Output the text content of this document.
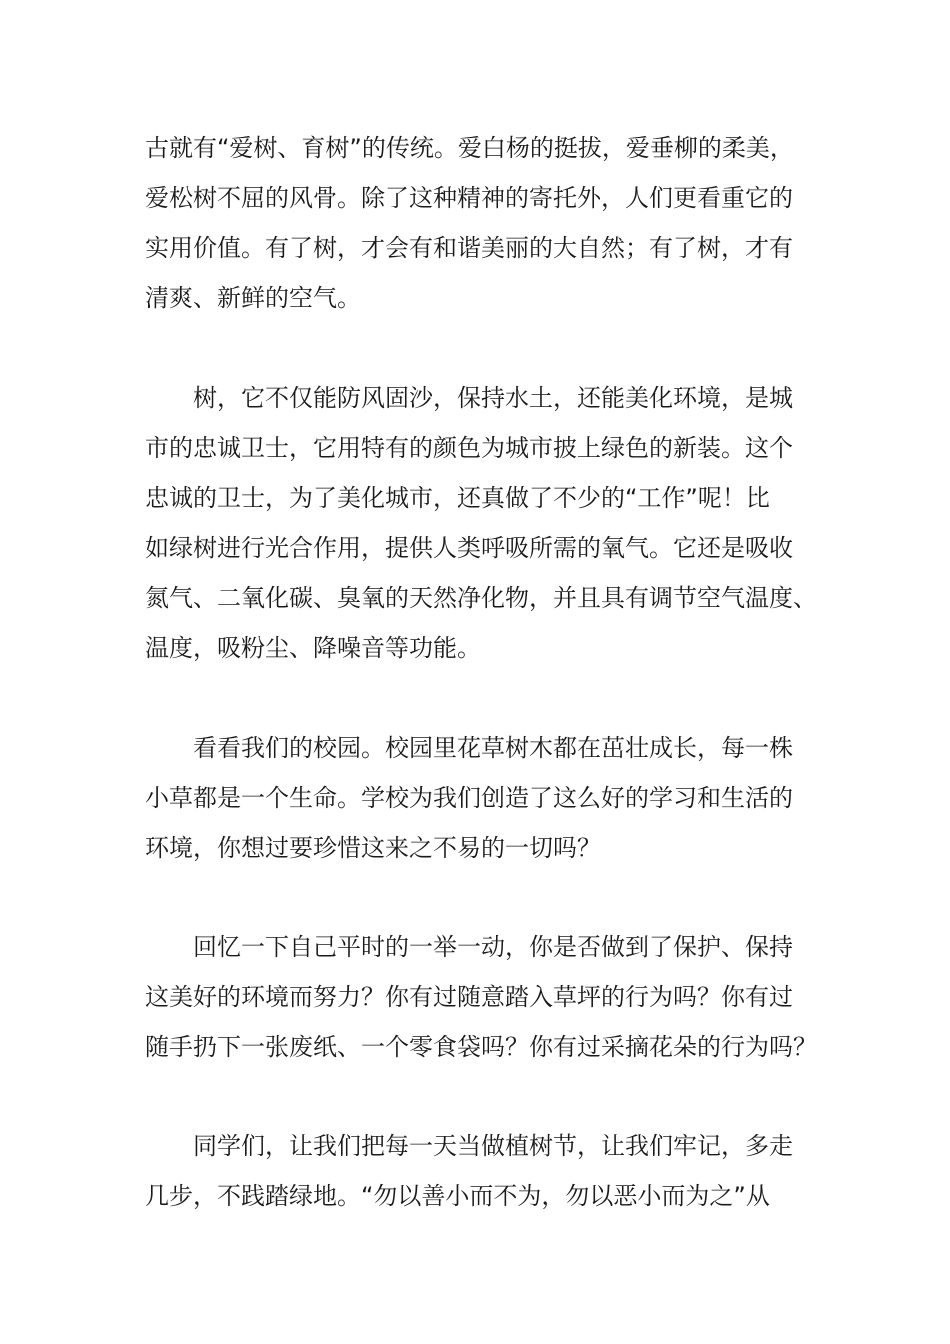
古就有“爱树、育树”的传统。爱白杨的挺拔，爱垂柳的柔美，

爱松树不屈的风骨。除了这种精神的寄托外，人们更看重它的

实用价值。有了树，才会有和谐美丽的大自然；有了树，才有

清爽、新鲜的空气。

　　树，它不仅能防风固沙，保持水土，还能美化环境，是城

市的忠诚卫士，它用特有的颜色为城市披上绿色的新装。这个

忠诚的卫士，为了美化城市，还真做了不少的“工作”呢！比

如绿树进行光合作用，提供人类呼吸所需的氧气。它还是吸收

氮气、二氧化碳、臭氧的天然净化物，并且具有调节空气温度、

温度，吸粉尘、降噪音等功能。

　　看看我们的校园。校园里花草树木都在茁壮成长，每一株

小草都是一个生命。学校为我们创造了这么好的学习和生活的

环境，你想过要珍惜这来之不易的一切吗？

　　回忆一下自己平时的一举一动，你是否做到了保护、保持

这美好的环境而努力？你有过随意踏入草坪的行为吗？你有过

随手扔下一张废纸、一个零食袋吗？你有过采摘花朵的行为吗？

　　同学们，让我们把每一天当做植树节，让我们牢记，多走

几步，不践踏绿地。“勿以善小而不为，勿以恶小而为之”从
